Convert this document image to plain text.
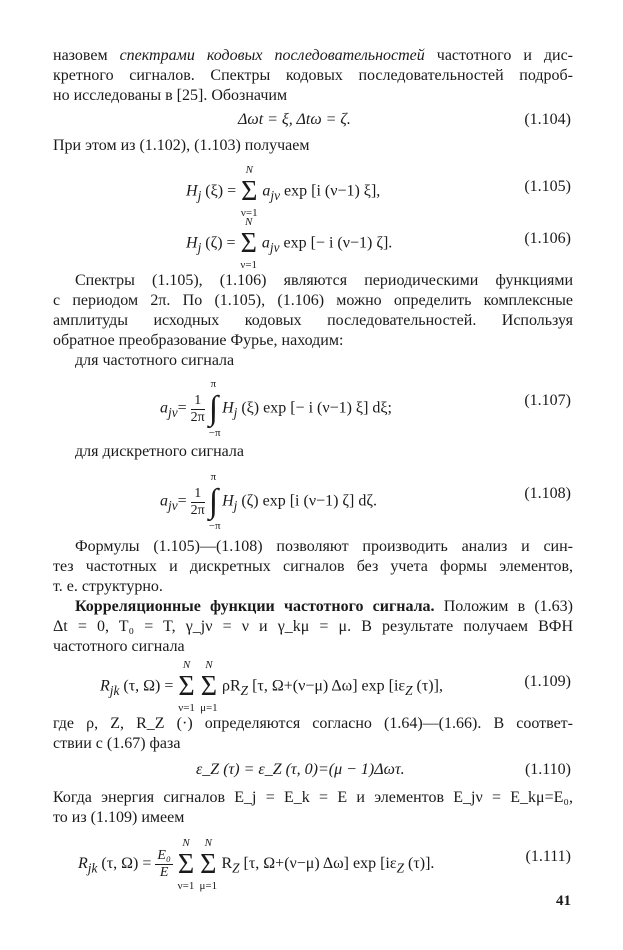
назовем спектрами кодовых последовательностей частотного и дис-
кретного сигналов. Спектры кодовых последовательностей подроб-
но исследованы в [25]. Обозначим
Δωt = ξ, Δtω = ζ.	(1.104)
При этом из (1.102), (1.103) получаем
$H_j$ (ξ) =
N
Σ
ν=1
$a_{j\nu}$ exp [i (ν−1) ξ],	(1.105)
$H_j$ (ζ) =
N
Σ
ν=1
$a_{j\nu}$ exp [− i (ν−1) ζ].	(1.106)
Спектры (1.105), (1.106) являются периодическими функциями
с периодом 2π. По (1.105), (1.106) можно определить комплексные
амплитуды исходных кодовых последовательностей. Используя
обратное преобразование Фурье, находим:
для частотного сигнала
$a_{j\nu}= \frac{1}{2\pi}$

π
∫
−π
$H_j$ (ξ) exp [− i (ν−1) ξ] dξ;	(1.107)
для дискретного сигнала
$a_{j\nu}= \frac{1}{2\pi}$

π
∫
−π
$H_j$ (ζ) exp [i (ν−1) ζ] dζ.	(1.108)
Формулы (1.105)—(1.108) позволяют производить анализ и син-
тез частотных и дискретных сигналов без учета формы элементов,
т. е. структурно.
Корреляционные функции частотного сигнала. Положим в (1.63)
Δt = 0, T₀ = T, γ_jν = ν и γ_kμ = μ. В результате получаем ВФН
частотного сигнала
$R_{jk}$ (τ, Ω) =
N
Σ
ν=1

N
Σ
μ=1
$\rho R_Z$ [τ, Ω+(ν−μ) Δω] $\exp [i\varepsilon_Z$ (τ)],	(1.109)
где ρ, Z, R_Z (·) определяются согласно (1.64)—(1.66). В соответ-
ствии с (1.67) фаза
ε_Z (τ) = ε_Z (τ, 0)=(μ − 1)Δωτ.	(1.110)
Когда энергия сигналов E_j = E_k = E и элементов E_jν = E_kμ=E₀,
то из (1.109) имеем
$R_{jk}$ (τ, $\Omega) = \frac{\text{E₀}}{E}$

N
Σ
ν=1

N
Σ
μ=1
$R_Z$ [τ, Ω+(ν−μ) Δω] $\exp [i\varepsilon_Z$ (τ)].	(1.111)
41
